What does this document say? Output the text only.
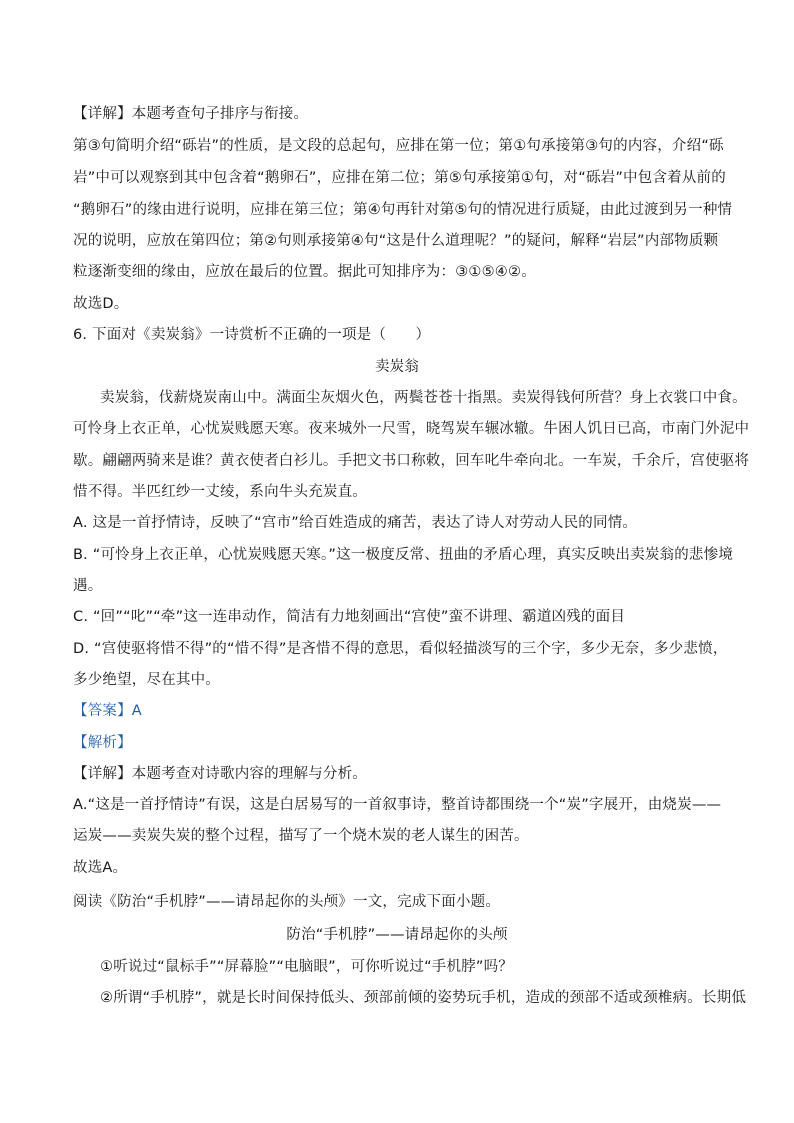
【详解】本题考查句子排序与衔接。
第③句简明介绍“砾岩”的性质，是文段的总起句，应排在第一位；第①句承接第③句的内容，介绍“砾
岩”中可以观察到其中包含着“鹅卵石”，应排在第二位；第⑤句承接第①句，对“砾岩”中包含着从前的
“鹅卵石”的缘由进行说明，应排在第三位；第④句再针对第⑤句的情况进行质疑，由此过渡到另一种情
况的说明，应放在第四位；第②句则承接第④句“这是什么道理呢？”的疑问，解释“岩层”内部物质颗
粒逐渐变细的缘由，应放在最后的位置。据此可知排序为：③①⑤④②。
故选D。
6. 下面对《卖炭翁》一诗赏析不正确的一项是（　　）
卖炭翁
卖炭翁，伐薪烧炭南山中。满面尘灰烟火色，两鬓苍苍十指黑。卖炭得钱何所营？身上衣裳口中食。
可怜身上衣正单，心忧炭贱愿天寒。夜来城外一尺雪，晓驾炭车辗冰辙。牛困人饥日已高，市南门外泥中
歇。翩翩两骑来是谁？黄衣使者白衫儿。手把文书口称敕，回车叱牛牵向北。一车炭，千余斤，宫使驱将
惜不得。半匹红纱一丈绫，系向牛头充炭直。
A. 这是一首抒情诗，反映了“宫市”给百姓造成的痛苦，表达了诗人对劳动人民的同情。
B. “可怜身上衣正单，心忧炭贱愿天寒。”这一极度反常、扭曲的矛盾心理，真实反映出卖炭翁的悲惨境
遇。
C. “回”“叱”“牵”这一连串动作，简洁有力地刻画出“宫使”蛮不讲理、霸道凶残的面目
D. “宫使驱将惜不得”的“惜不得”是吝惜不得的意思，看似轻描淡写的三个字，多少无奈，多少悲愤，
多少绝望，尽在其中。
【答案】A
【解析】
【详解】本题考查对诗歌内容的理解与分析。
A.“这是一首抒情诗”有误，这是白居易写的一首叙事诗，整首诗都围绕一个“炭”字展开，由烧炭——
运炭——卖炭失炭的整个过程，描写了一个烧木炭的老人谋生的困苦。
故选A。
阅读《防治“手机脖”——请昂起你的头颅》一文，完成下面小题。
防治“手机脖”——请昂起你的头颅
①听说过“鼠标手”“屏幕脸”“电脑眼”，可你听说过“手机脖”吗？
②所谓“手机脖”，就是长时间保持低头、颈部前倾的姿势玩手机，造成的颈部不适或颈椎病。长期低
